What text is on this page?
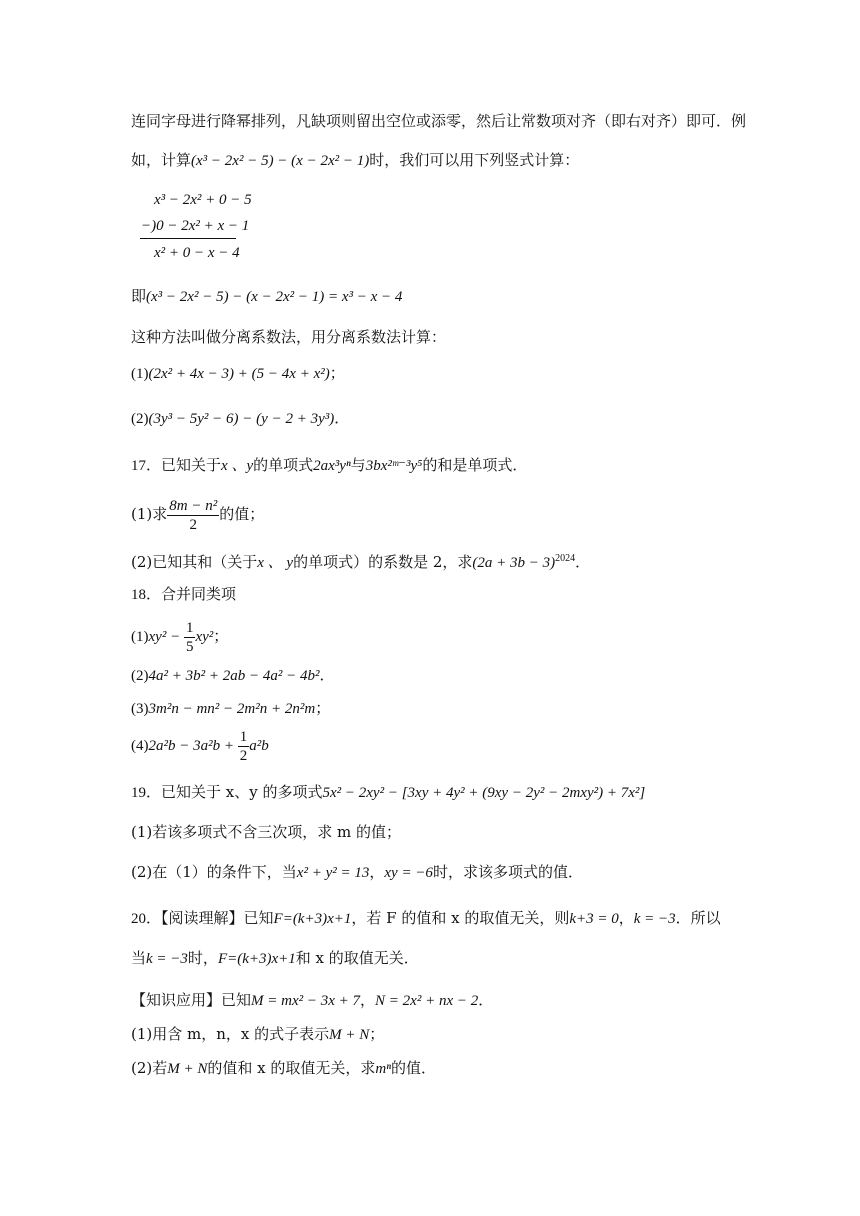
连同字母进行降幂排列，凡缺项则留出空位或添零，然后让常数项对齐（即右对齐）即可．例
如，计算(x³ − 2x² − 5) − (x − 2x² − 1)时，我们可以用下列竖式计算：
x³ − 2x² + 0 − 5
−)0 − 2x² + x − 1
x² + 0 − x − 4
即(x³ − 2x² − 5) − (x − 2x² − 1) = x³ − x − 4
这种方法叫做分离系数法，用分离系数法计算：
(1)(2x² + 4x − 3) + (5 − 4x + x²)；
(2)(3y³ − 5y² − 6) − (y − 2 + 3y³)．
17．已知关于x 、y的单项式2ax³yⁿ与3bx²ᵐ⁻³y⁵的和是单项式．
(1)求 $\frac{\text{8m − n²}}{2}$ 的值；
(2)已知其和（关于x 、 y的单项式）的系数是 2，求$(2a + 3b - 3)^{2024}$．
18．合并同类项
$(1)xy^2 - \frac{1}{5} xy^2$；
(2)4a² + 3b² + 2ab − 4a² − 4b²．
(3)3m²n − mn² − 2m²n + 2n²m；
$(4)2a^2b - 3a^2b + \frac{1}{2} a^2b$
19．已知关于 x、y 的多项式5x² − 2xy² − [3xy + 4y² + (9xy − 2y² − 2mxy²) + 7x²]
(1)若该多项式不含三次项，求 m 的值；
(2)在（1）的条件下，当x² + y² = 13，xy = −6时，求该多项式的值．
20．【阅读理解】已知F=(k+3)x+1，若 F 的值和 x 的取值无关，则k+3 = 0，k = −3．所以
当k = −3时，F=(k+3)x+1和 x 的取值无关．
【知识应用】已知M = mx² − 3x + 7，N = 2x² + nx − 2．
(1)用含 m，n，x 的式子表示M + N；
(2)若M + N的值和 x 的取值无关，求mⁿ的值．
